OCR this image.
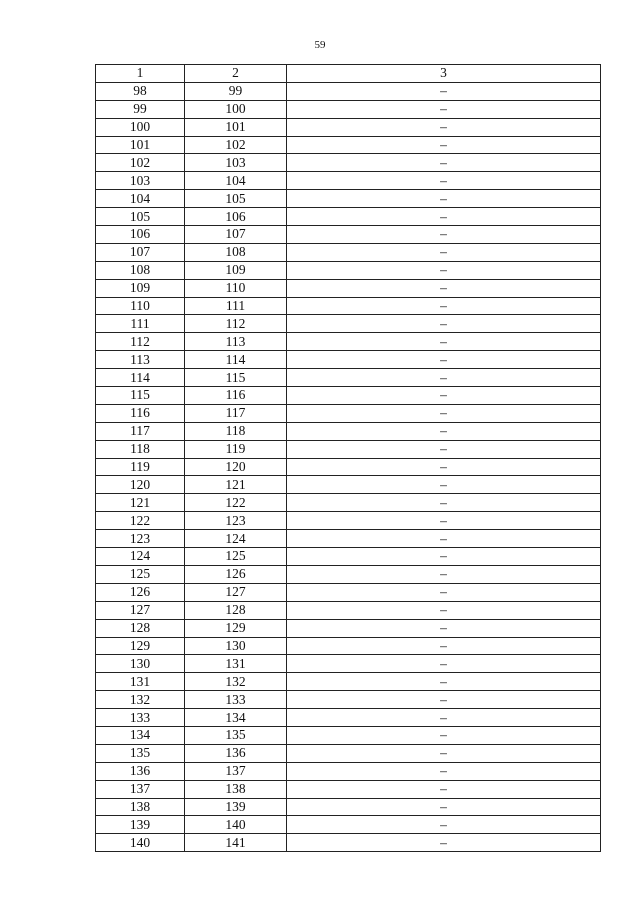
59
1	2	3
98	99	–
99	100	–
100	101	–
101	102	–
102	103	–
103	104	–
104	105	–
105	106	–
106	107	–
107	108	–
108	109	–
109	110	–
110	111	–
111	112	–
112	113	–
113	114	–
114	115	–
115	116	–
116	117	–
117	118	–
118	119	–
119	120	–
120	121	–
121	122	–
122	123	–
123	124	–
124	125	–
125	126	–
126	127	–
127	128	–
128	129	–
129	130	–
130	131	–
131	132	–
132	133	–
133	134	–
134	135	–
135	136	–
136	137	–
137	138	–
138	139	–
139	140	–
140	141	–
